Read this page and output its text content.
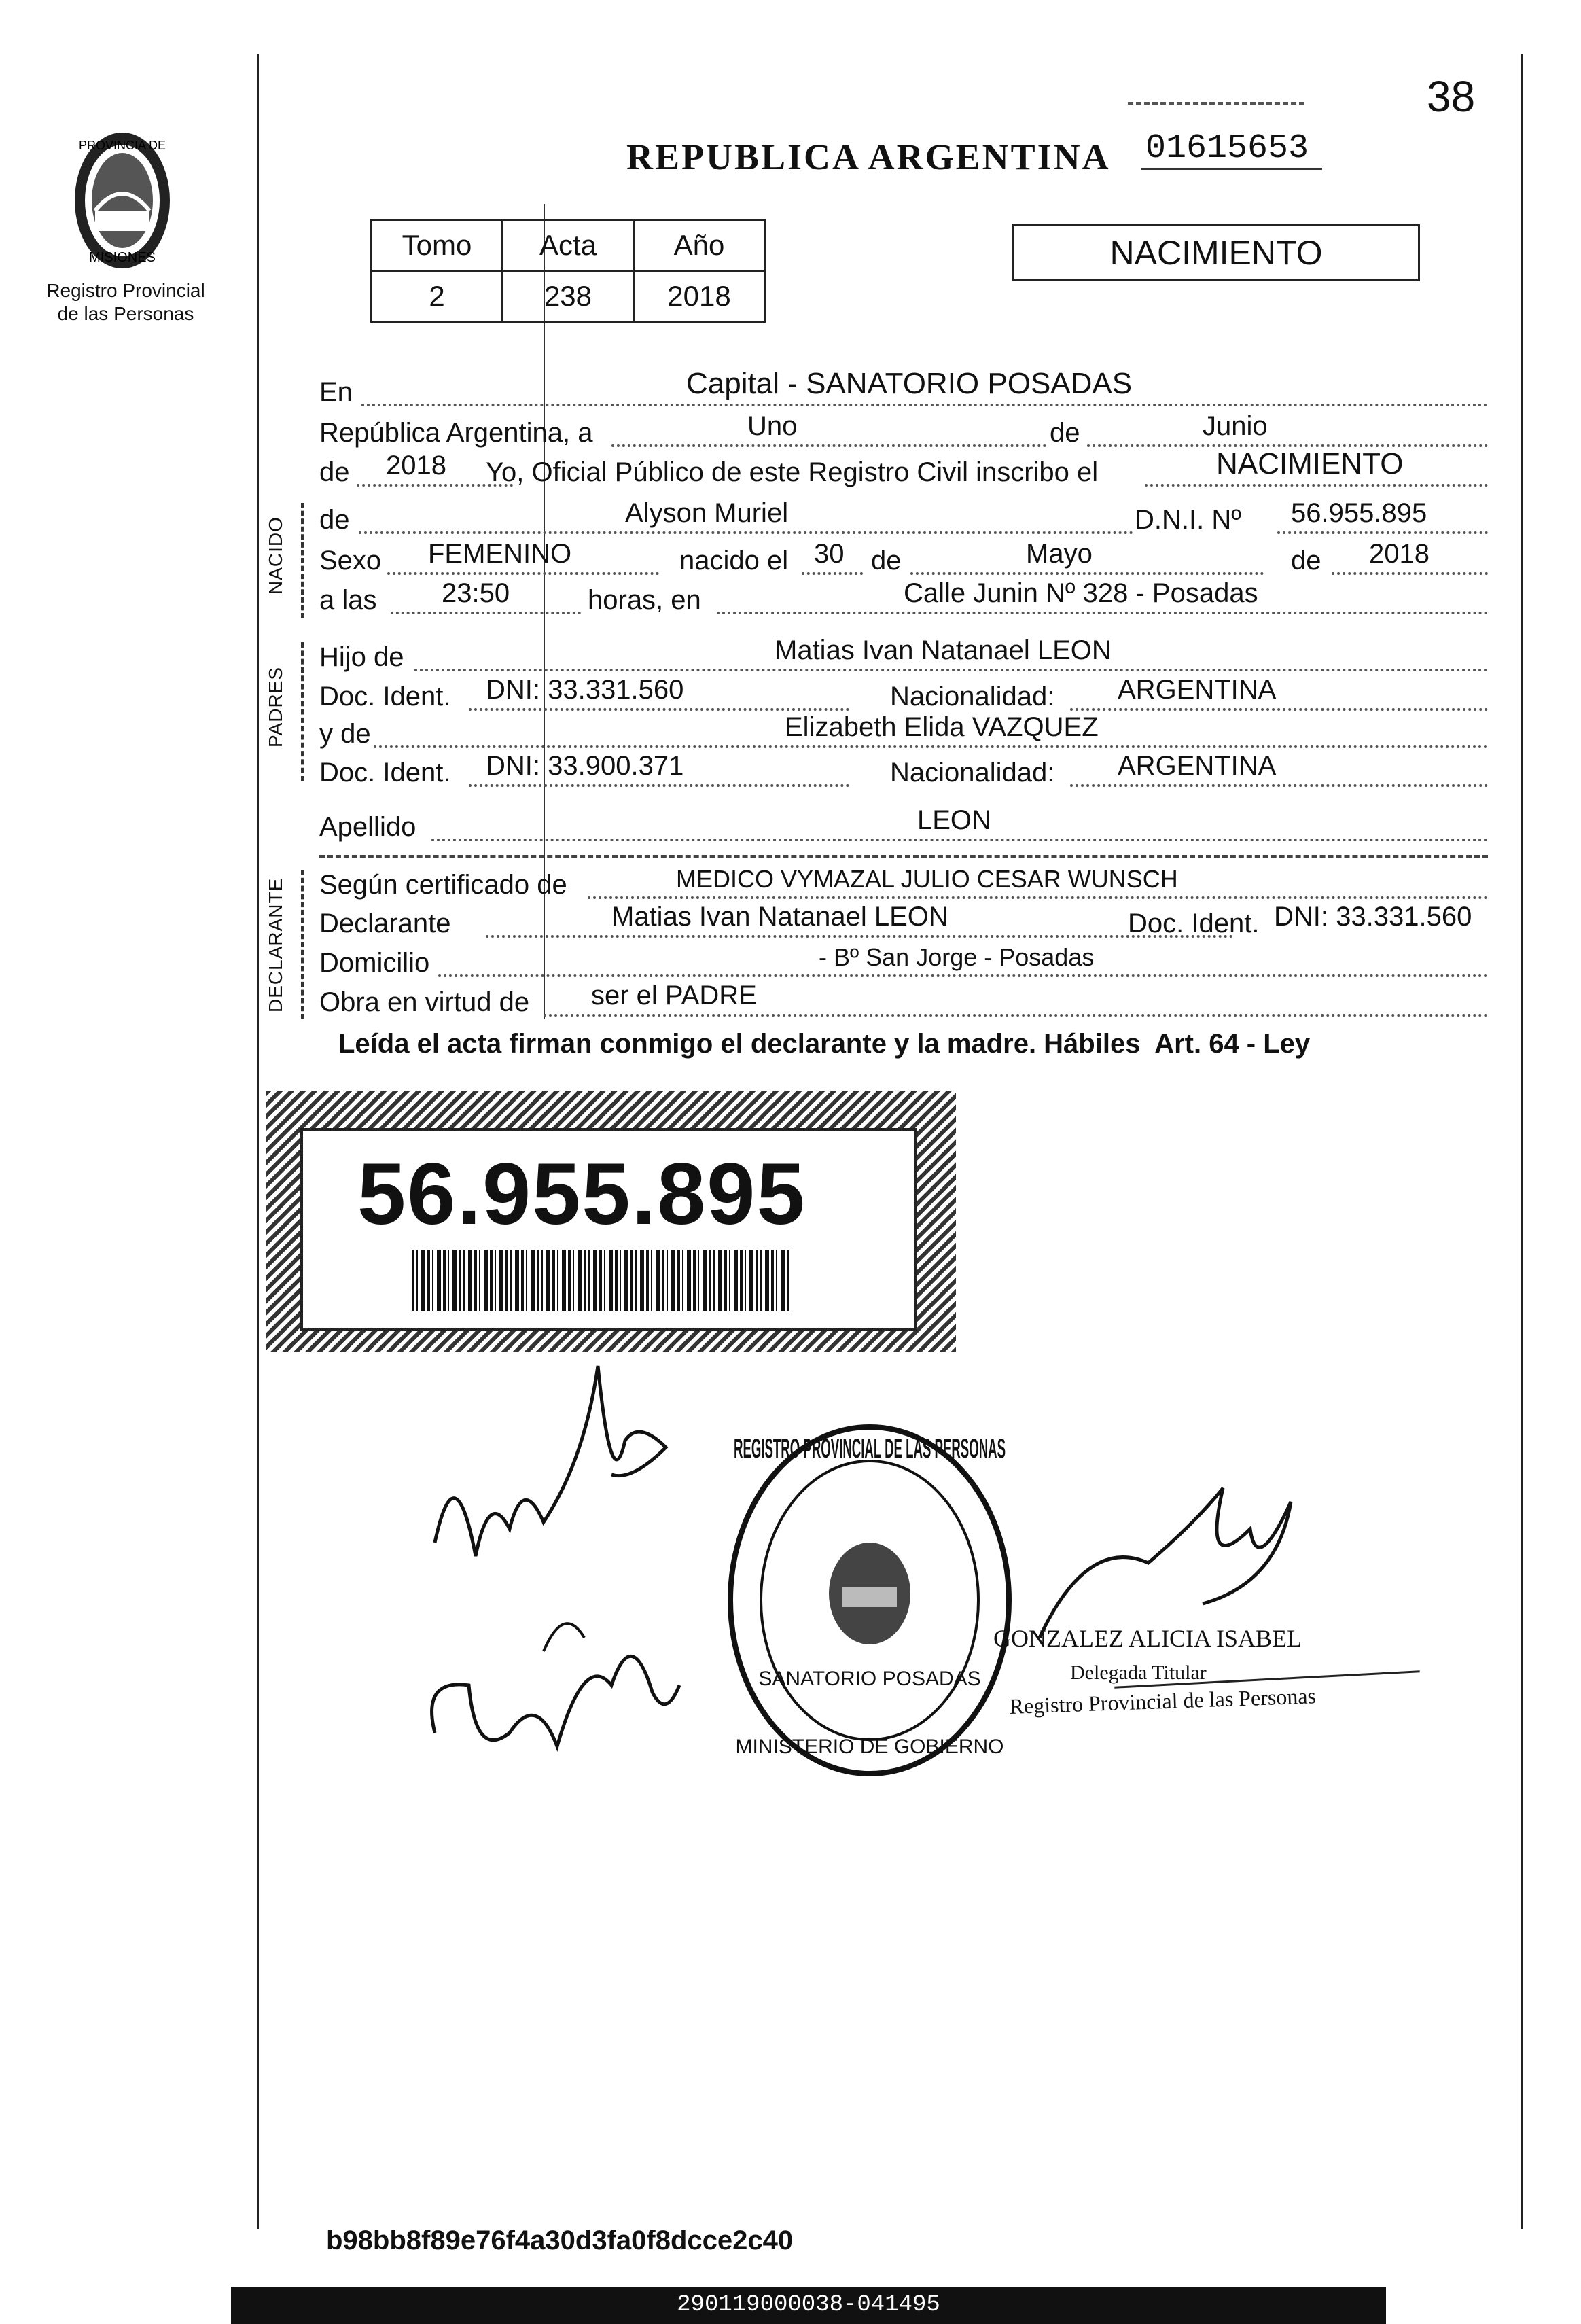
PROVINCIA DE
MISIONES
Registro Provincial
de las Personas
38
REPUBLICA ARGENTINA 01615653
Tomo	Acta	Año
2	238	2018
NACIMIENTO
En	Capital - SANATORIO POSADAS
República Argentina, a	Uno	de	Junio
de 2018 Yo, Oficial Público de este Registro Civil inscribo el	NACIMIENTO
NACIDO de	Alyson Muriel	D.N.I. Nº 56.955.895
Sexo FEMENINO	nacido el 30 de	Mayo	de 2018
a las 23:50	horas, en	Calle Junin Nº 328 - Posadas
PADRES
Hijo de	Matias Ivan Natanael LEON
Doc. Ident. DNI: 33.331.560	Nacionalidad: ARGENTINA
y de	Elizabeth Elida VAZQUEZ
Doc. Ident. DNI: 33.900.371	Nacionalidad: ARGENTINA
Apellido	LEON
DECLARANTE Según certificado de	MEDICO VYMAZAL JULIO CESAR WUNSCH
Declarante	Matias Ivan Natanael LEON	Doc. Ident. DNI: 33.331.560
Domicilio	- Bº San Jorge - Posadas
Obra en virtud de ser el PADRE
Leída el acta firman conmigo el declarante y la madre. Hábiles  Art. 64 - Ley
56.955.895
REGISTRO PROVINCIAL DE LAS PERSONAS
SANATORIO POSADAS
MINISTERIO DE GOBIERNO
GONZALEZ ALICIA ISABEL
Delegada Titular
Registro Provincial de las Personas
b98bb8f89e76f4a30d3fa0f8dcce2c40
290119000038-041495
